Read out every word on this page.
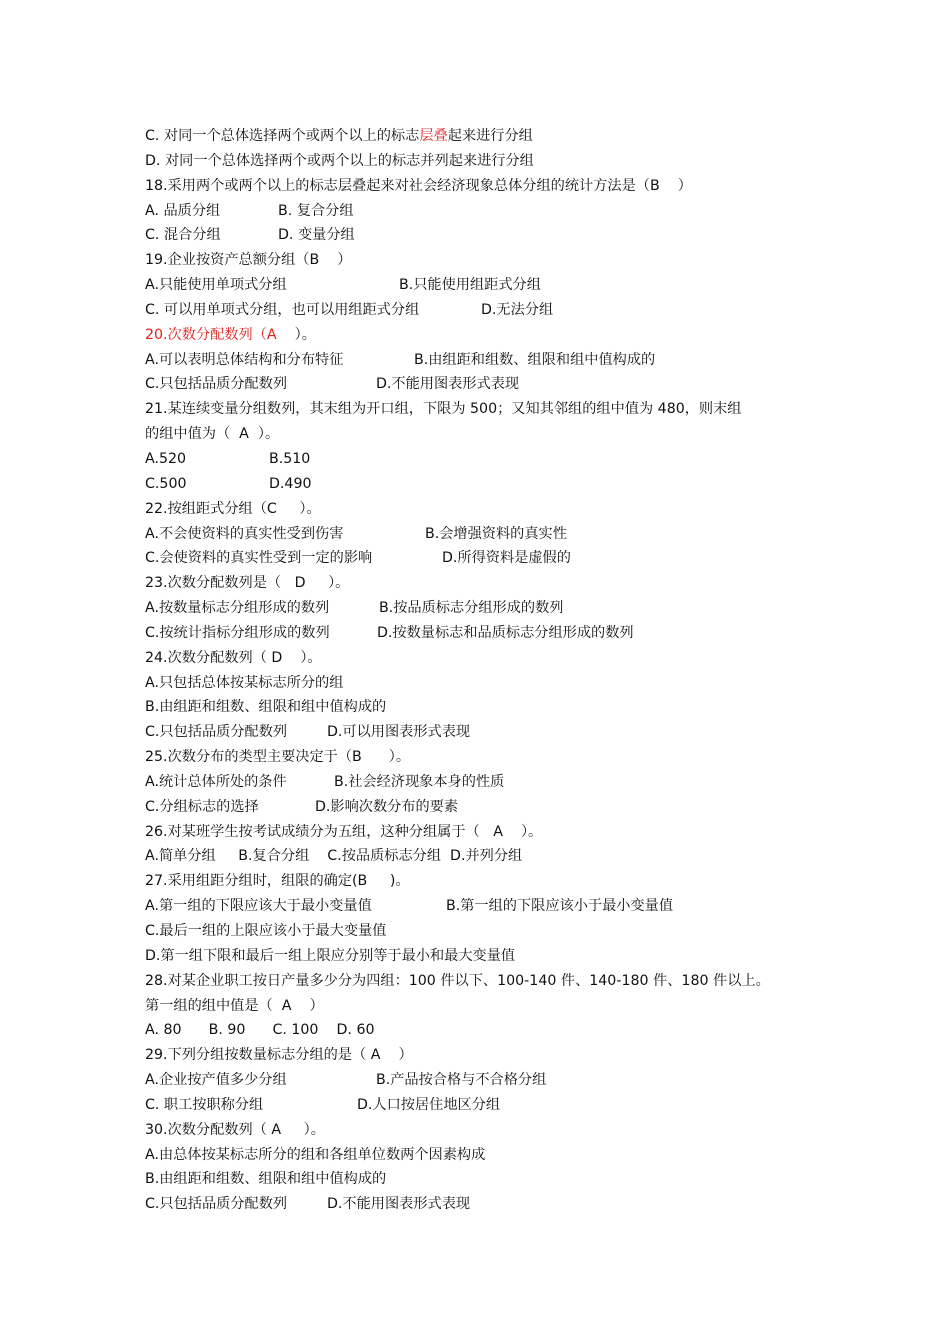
C. 对同一个总体选择两个或两个以上的标志层叠起来进行分组
D. 对同一个总体选择两个或两个以上的标志并列起来进行分组
18.采用两个或两个以上的标志层叠起来对社会经济现象总体分组的统计方法是（B    ）
A. 品质分组	B. 复合分组
C. 混合分组	D. 变量分组
19.企业按资产总额分组（B    ）
A.只能使用单项式分组	B.只能使用组距式分组
C. 可以用单项式分组，也可以用组距式分组	D.无法分组
20.次数分配数列（A    ）。
A.可以表明总体结构和分布特征	B.由组距和组数、组限和组中值构成的
C.只包括品质分配数列	D.不能用图表形式表现
21.某连续变量分组数列，其末组为开口组，下限为 500；又知其邻组的组中值为 480，则末组
的组中值为（  A  ）。
A.520	B.510
C.500	D.490
22.按组距式分组（C     ）。
A.不会使资料的真实性受到伤害	B.会增强资料的真实性
C.会使资料的真实性受到一定的影响	D.所得资料是虚假的
23.次数分配数列是（   D     ）。
A.按数量标志分组形成的数列	B.按品质标志分组形成的数列
C.按统计指标分组形成的数列	D.按数量标志和品质标志分组形成的数列
24.次数分配数列（ D    ）。
A.只包括总体按某标志所分的组
B.由组距和组数、组限和组中值构成的
C.只包括品质分配数列	D.可以用图表形式表现
25.次数分布的类型主要决定于（B      ）。
A.统计总体所处的条件	B.社会经济现象本身的性质
C.分组标志的选择	D.影响次数分布的要素
26.对某班学生按考试成绩分为五组，这种分组属于（   A    ）。
A.简单分组     B.复合分组    C.按品质标志分组  D.并列分组
27.采用组距分组时，组限的确定(B     )。
A.第一组的下限应该大于最小变量值	B.第一组的下限应该小于最小变量值
C.最后一组的上限应该小于最大变量值
D.第一组下限和最后一组上限应分别等于最小和最大变量值
28.对某企业职工按日产量多少分为四组：100 件以下、100-140 件、140-180 件、180 件以上。
第一组的组中值是（  A    ）
A. 80      B. 90      C. 100    D. 60
29.下列分组按数量标志分组的是（ A    ）
A.企业按产值多少分组	B.产品按合格与不合格分组
C. 职工按职称分组	D.人口按居住地区分组
30.次数分配数列（ A     ）。
A.由总体按某标志所分的组和各组单位数两个因素构成
B.由组距和组数、组限和组中值构成的
C.只包括品质分配数列	D.不能用图表形式表现
